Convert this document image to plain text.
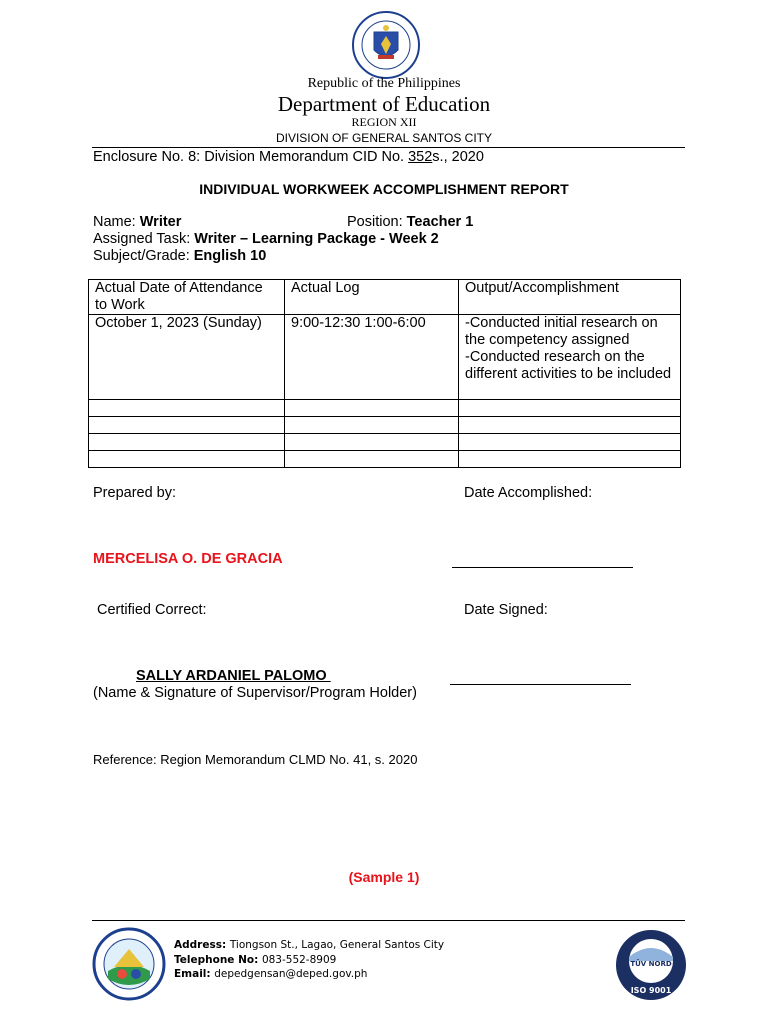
Republic of the Philippines
Department of Education
REGION XII
DIVISION OF GENERAL SANTOS CITY
Enclosure No. 8: Division Memorandum CID No. 352s., 2020
INDIVIDUAL WORKWEEK ACCOMPLISHMENT REPORT
Name: Writer	Position: Teacher 1
Assigned Task: Writer – Learning Package - Week 2
Subject/Grade: English 10
Actual Date of Attendance to Work	Actual Log	Output/Accomplishment
October 1, 2023 (Sunday)	9:00-12:30 1:00-6:00	-Conducted initial research on the competency assigned
-Conducted research on the different activities to be included

Prepared by:	Date Accomplished:
MERCELISA O. DE GRACIA
Certified Correct:	Date Signed:
SALLY ARDANIEL PALOMO
(Name & Signature of Supervisor/Program Holder)
Reference: Region Memorandum CLMD No. 41, s. 2020
(Sample 1)
Address: Tiongson St., Lagao, General Santos City
Telephone No: 083-552-8909
Email: depedgensan@deped.gov.ph
TÜV NORD
ISO 9001
